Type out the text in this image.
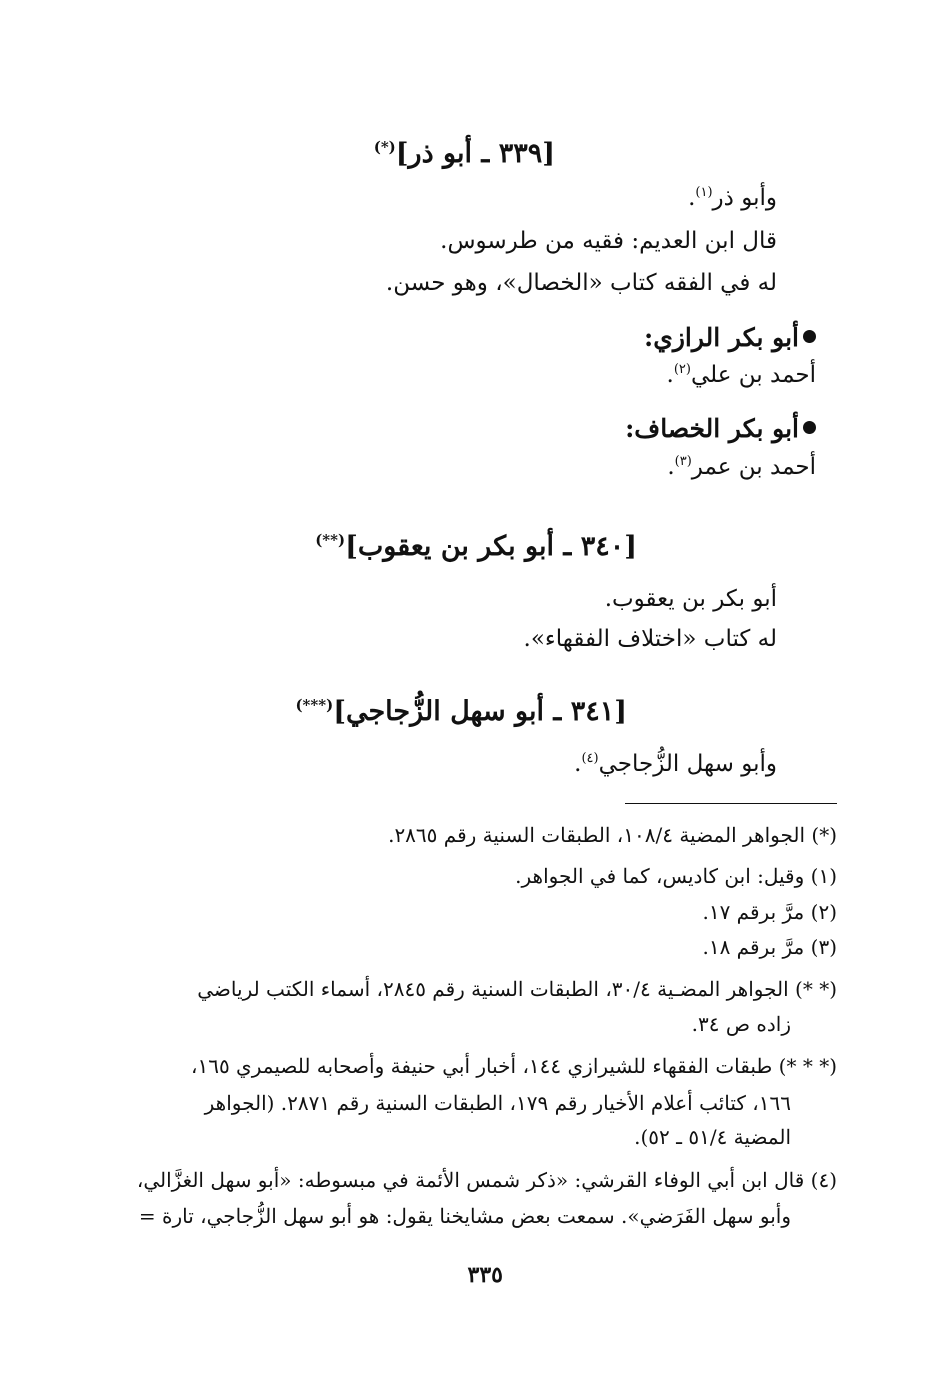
[٣٣٩ ـ أبو ذر](*)
وأبو ذر$^{(١)}$.
قال ابن العديم: فقيه من طرسوس.
له في الفقه كتاب «الخصال»، وهو حسن.
أبو بكر الرازي:
أحمد بن علي$^{(٢)}$.
أبو بكر الخصاف:
أحمد بن عمر$^{(٣)}$.
[٣٤٠ ـ أبو بكر بن يعقوب](**)
أبو بكر بن يعقوب.
له كتاب «اختلاف الفقهاء».
[٣٤١ ـ أبو سهل الزُّجاجي](***)
وأبو سهل الزُّجاجي$^{(٤)}$.
(*) الجواهر المضية ١٠٨/٤، الطبقات السنية رقم ٢٨٦٥.
(١) وقيل: ابن كاديس، كما في الجواهر.
(٢) مرَّ برقم ١٧.
(٣) مرَّ برقم ١٨.
(* *) الجواهر المضـية ٣٠/٤، الطبقات السنية رقم ٢٨٤٥، أسماء الكتب لرياضي
زاده ص ٣٤.
(* * *) طبقات الفقهاء للشيرازي ١٤٤، أخبار أبي حنيفة وأصحابه للصيمري ١٦٥،
١٦٦، كتائب أعلام الأخيار رقم ١٧٩، الطبقات السنية رقم ٢٨٧١. (الجواهر
المضية ٥١/٤ ـ ٥٢).
(٤) قال ابن أبي الوفاء القرشي: «ذكر شمس الأئمة في مبسوطه: «أبو سهل الغزَّالي،
وأبو سهل الفَرَضي». سمعت بعض مشايخنا يقول: هو أبو سهل الزُّجاجي، تارة =
٣٣٥
